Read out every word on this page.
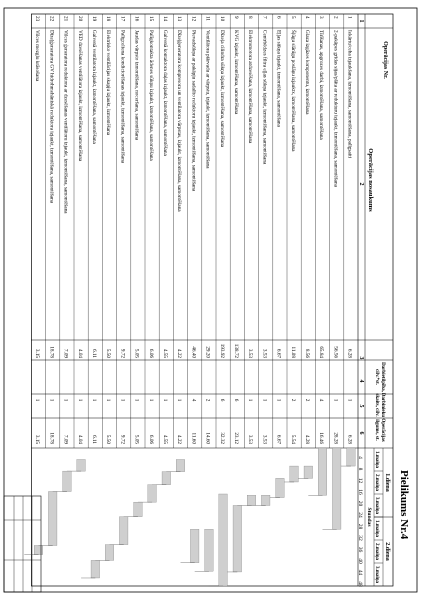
Pielikums Nr.4
Operācijas Nr.
Operācijas nosaukums
Darbietilpība,
cilv.*st.
Darbinieku
skaits, cilv.
Operācijas
ilgums, st.
1.diena
2.diena
1.maiņa
2.maiņa
3.maiņa
1.maiņa
2.maiņa
3.maiņa
Stundas
4
8
12
16
20
24
28
32
36
40
44
48
1
2
3
4
5
6
1
Iekārtu/ceha izjaukšana, izmontēšana, samontēšana, palīgsaiti
6.28
1
6.28
2
2-pakāpes grīdas sijas/plāta ar redukturu izjaukt, izmontēšana, samontēšana
56.56
1
28.28
3
Tīrīšanas, apgrozes darbi, izmontēšana, samontēšana
65.84
4
16.46
4
Glaza izgāzes komponentu, izmontēšana
8.56
2
4.28
5
Šļūgu slānīgu poslāņu izjauktx, izmontēšana, samontēšana
11.08
2
5.54
6
Eļļas sūkņa izjaukt, izmontēšana, samontēšana
6.67
1
6.67
7
Centrbēdzes filtra eļļas sūkņa izjaukt, izmontēšana, samontēšana
3.53
1
3.53
8
Elektromotora atdzesēšana, izmontēšana, samontēšana
3.53
1
3.53
9
KVG izjaukt, izmontēšana, samontēšana
138.72
6
23.12
10
Dīzeļa cilindra sūkņa izjaukt, izmontēšana, samontēšana
193.92
6
32.32
11
Ventilātora piārvadu ar vārpstu, izjaukt, izmontēšana, samontēšana
29.20
2
14.60
12
Pievadsūkņa ar pakāpju sadalīto reduktoru izjaukt, izmontēšana, samontēšana
46.40
4
11.60
13
Dīzeļģeneratora kompresora un ventilatora vārpstas, izjaukt, izmontēšana, samontēšana
4.22
1
4.22
14
Galvenā kontaktora daļas izjaukt, izmontēšana, samontēšana
4.55
1
4.55
15
Palīgkontakta ādenes sūkņu izjaukt, izmontēšana, samontēšana
6.06
1
6.06
16
Jaudas vārpsto izmontēšana, noceršana, samontēšana
5.05
1
5.05
17
Palīgceliena kondiciorēšanas izjaukt, izmontēšana, samontēšana
9.72
1
9.72
18
Elektrisko ventilācijas skapju izjaukt, izmontēšana
5.50
1
5.50
19
Galvenā ventilatora izjaukt, izmontēšana, samontēšana
6.11
1
6.11
20
VED dzesēšanas ventilātora izjaukt, izmontēšana, samontēšana
4.04
1
4.04
21
Vilces ģeneratora reduktora ar dzesēšanas ventilātoru izjaukt, izmontēšana, samontēšana
7.09
1
7.09
22
Dīzeļģeneratora GV hidrohmehāniskā reduktora izjaukt, izmontēšana, samontēšana
18.78
1
18.78
23
Vilces mezglu krāsošana
3.15
1
3.15
